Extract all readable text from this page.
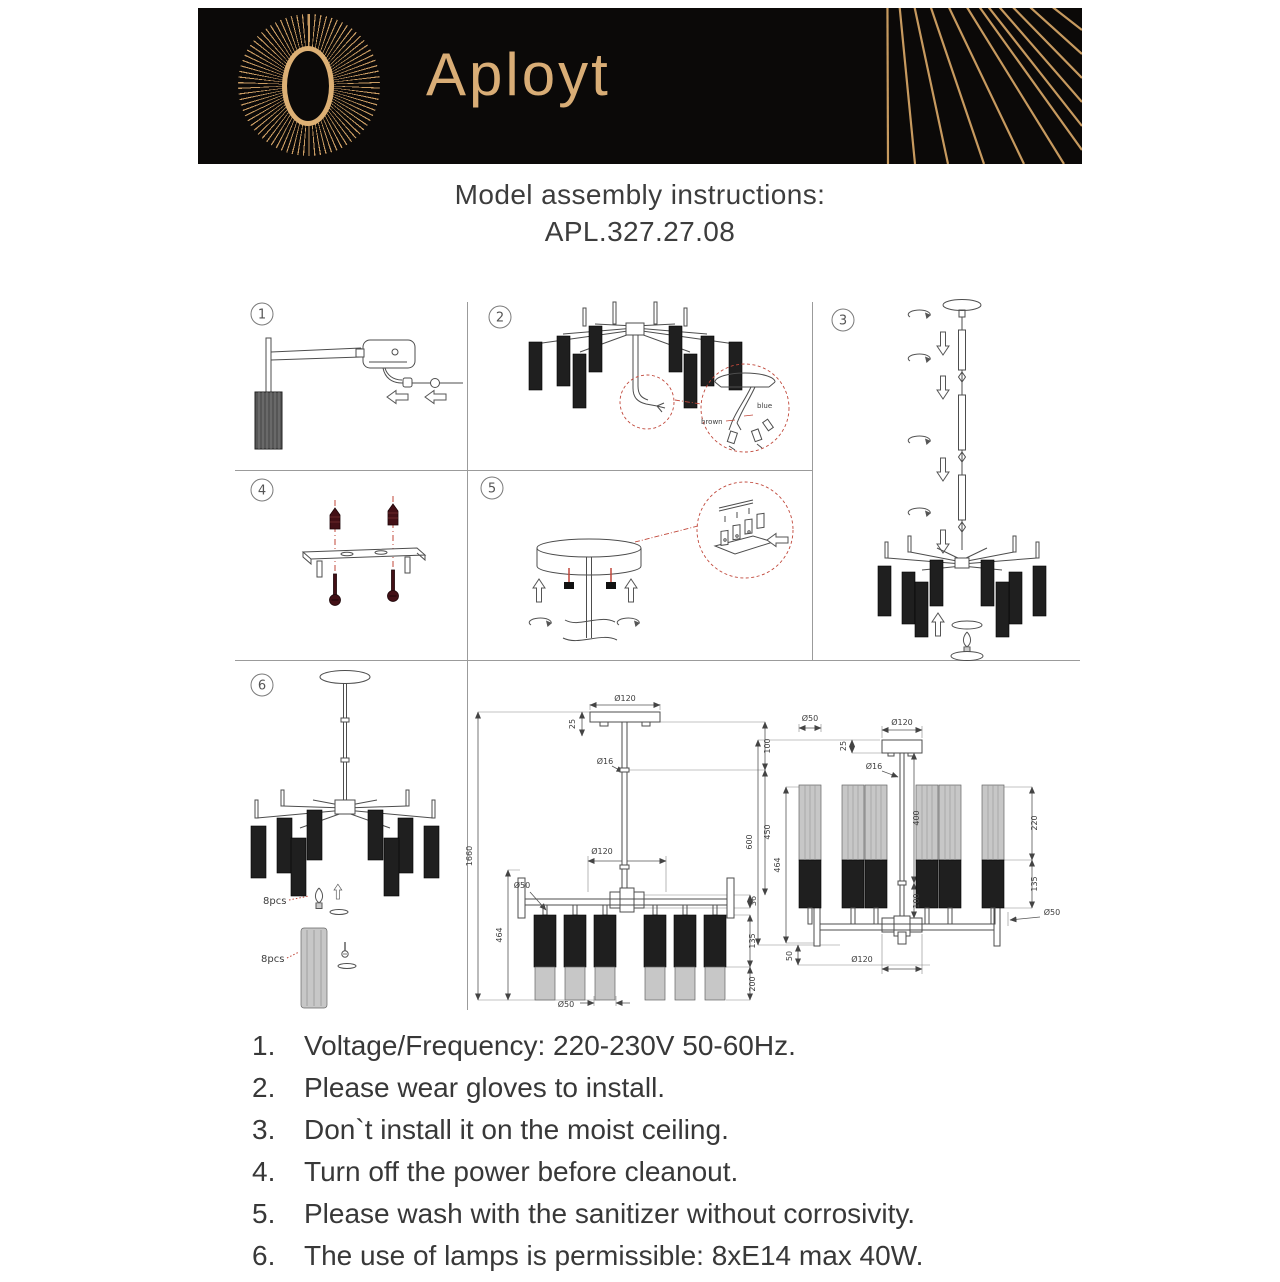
Aployt
Model assembly instructions:
APL.327.27.08
1	2
blue
brown
3
4	5
6
8pcs
8pcs
1660
464
Ø120
25
Ø16
100
450
36
Ø120
Ø50
135
200
Ø50
600
464
25
Ø120
Ø50
Ø16
400
100
220
135
Ø50
50	Ø120
1.	Voltage/Frequency: 220-230V 50-60Hz.
2.	Please wear gloves to install.
3.	Don`t install it on the moist ceiling.
4.	Turn off the power before cleanout.
5.	Please wash with the sanitizer without corrosivity.
6.	The use of lamps is permissible: 8xE14 max 40W.
